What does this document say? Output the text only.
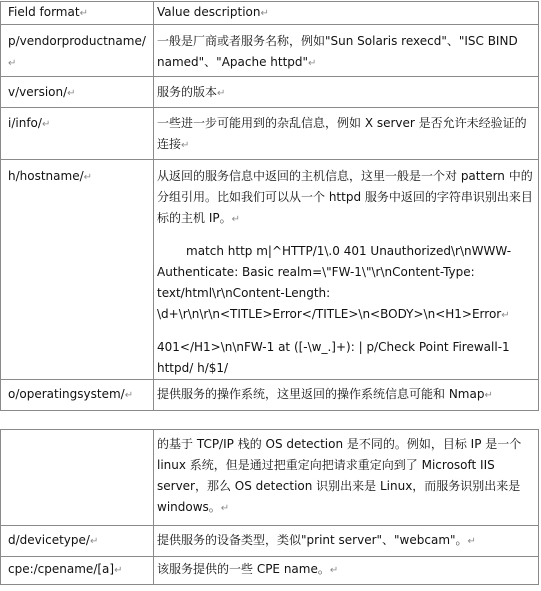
Field format↵	Value description↵
p/vendorproductname/↵	一般是厂商或者服务名称，例如"Sun Solaris rexecd"、"ISC BIND named"、"Apache httpd"↵
v/version/↵	服务的版本↵
i/info/↵	一些进一步可能用到的杂乱信息，例如 X server 是否允许未经验证的连接↵
h/hostname/↵	从返回的服务信息中返回的主机信息，这里一般是一个对 pattern 中的分组引用。比如我们可以从一个 httpd 服务中返回的字符串识别出来目标的主机 IP。↵

match http m|^HTTP/1\.0 401 Unauthorized\r\nWWW-Authenticate: Basic realm=\"FW-1\"\r\nContent-Type: text/html\r\nContent-Length: \d+\r\n\r\n<TITLE>Error</TITLE>\n<BODY>\n<H1>Error↵

401</H1>\n\nFW-1 at ([-\w_.]+): | p/Check Point Firewall-1 httpd/ h/$1/

o/operatingsystem/↵	提供服务的操作系统，这里返回的操作系统信息可能和 Nmap↵
	的基于 TCP/IP 栈的 OS detection 是不同的。例如，目标 IP 是一个 linux 系统，但是通过把重定向把请求重定向到了 Microsoft IIS server，那么 OS detection 识别出来是 Linux，而服务识别出来是 windows。↵
d/devicetype/↵	提供服务的设备类型，类似"print server"、"webcam"。↵
cpe:/cpename/[a]↵	该服务提供的一些 CPE name。↵
